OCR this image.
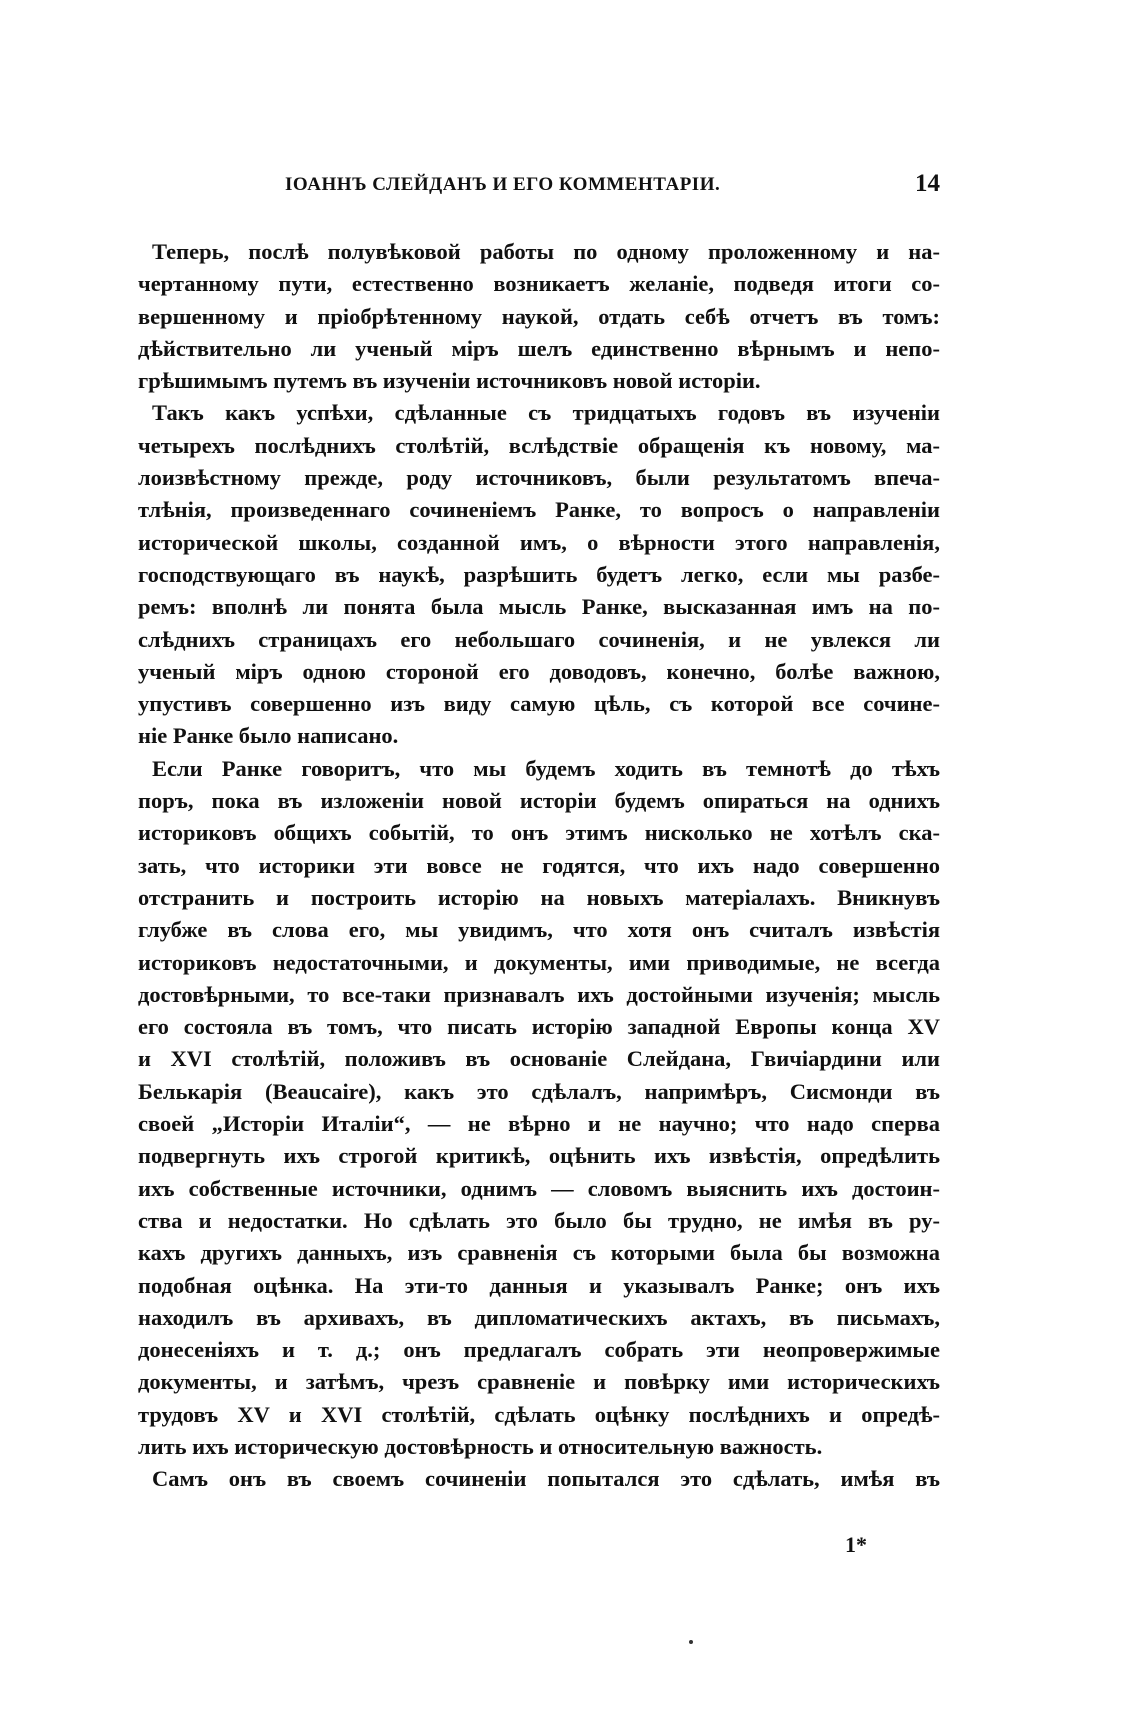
ІОАННЪ СЛЕЙДАНЪ И ЕГО КОММЕНТАРІИ.	14
Теперь, послѣ полувѣковой работы по одному проложенному и на-
чертанному пути, естественно возникаетъ желаніе, подведя итоги со-
вершенному и пріобрѣтенному наукой, отдать себѣ отчетъ въ томъ:
дѣйствительно ли ученый міръ шелъ единственно вѣрнымъ и непо-
грѣшимымъ путемъ въ изученіи источниковъ новой исторіи.
Такъ какъ успѣхи, сдѣланные съ тридцатыхъ годовъ въ изученіи
четырехъ послѣднихъ столѣтій, вслѣдствіе обращенія къ новому, ма-
лоизвѣстному прежде, роду источниковъ, были результатомъ впеча-
тлѣнія, произведеннаго сочиненіемъ Ранке, то вопросъ о направленіи
исторической школы, созданной имъ, о вѣрности этого направленія,
господствующаго въ наукѣ, разрѣшить будетъ легко, если мы разбе-
ремъ: вполнѣ ли понята была мысль Ранке, высказанная имъ на по-
слѣднихъ страницахъ его небольшаго сочиненія, и не увлекся ли
ученый міръ одною стороной его доводовъ, конечно, болѣе важною,
упустивъ совершенно изъ виду самую цѣль, съ которой все сочине-
ніе Ранке было написано.
Если Ранке говоритъ, что мы будемъ ходить въ темнотѣ до тѣхъ
поръ, пока въ изложеніи новой исторіи будемъ опираться на однихъ
историковъ общихъ событій, то онъ этимъ нисколько не хотѣлъ ска-
зать, что историки эти вовсе не годятся, что ихъ надо совершенно
отстранить и построить исторію на новыхъ матеріалахъ. Вникнувъ
глубже въ слова его, мы увидимъ, что хотя онъ считалъ извѣстія
историковъ недостаточными, и документы, ими приводимые, не всегда
достовѣрными, то все-таки признавалъ ихъ достойными изученія; мысль
его состояла въ томъ, что писать исторію западной Европы конца XV
и XVI столѣтій, положивъ въ основаніе Слейдана, Гвичіардини или
Белькарія (Beaucaire), какъ это сдѣлалъ, напримѣръ, Сисмонди въ
своей „Исторіи Италіи“, — не вѣрно и не научно; что надо сперва
подвергнуть ихъ строгой критикѣ, оцѣнить ихъ извѣстія, опредѣлить
ихъ собственные источники, однимъ — словомъ выяснить ихъ достоин-
ства и недостатки. Но сдѣлать это было бы трудно, не имѣя въ ру-
кахъ другихъ данныхъ, изъ сравненія съ которыми была бы возможна
подобная оцѣнка. На эти-то данныя и указывалъ Ранке; онъ ихъ
находилъ въ архивахъ, въ дипломатическихъ актахъ, въ письмахъ,
донесеніяхъ и т. д.; онъ предлагалъ собрать эти неопровержимые
документы, и затѣмъ, чрезъ сравненіе и повѣрку ими историческихъ
трудовъ XV и XVI столѣтій, сдѣлать оцѣнку послѣднихъ и опредѣ-
лить ихъ историческую достовѣрность и относительную важность.
Самъ онъ въ своемъ сочиненіи попытался это сдѣлать, имѣя въ
1*
